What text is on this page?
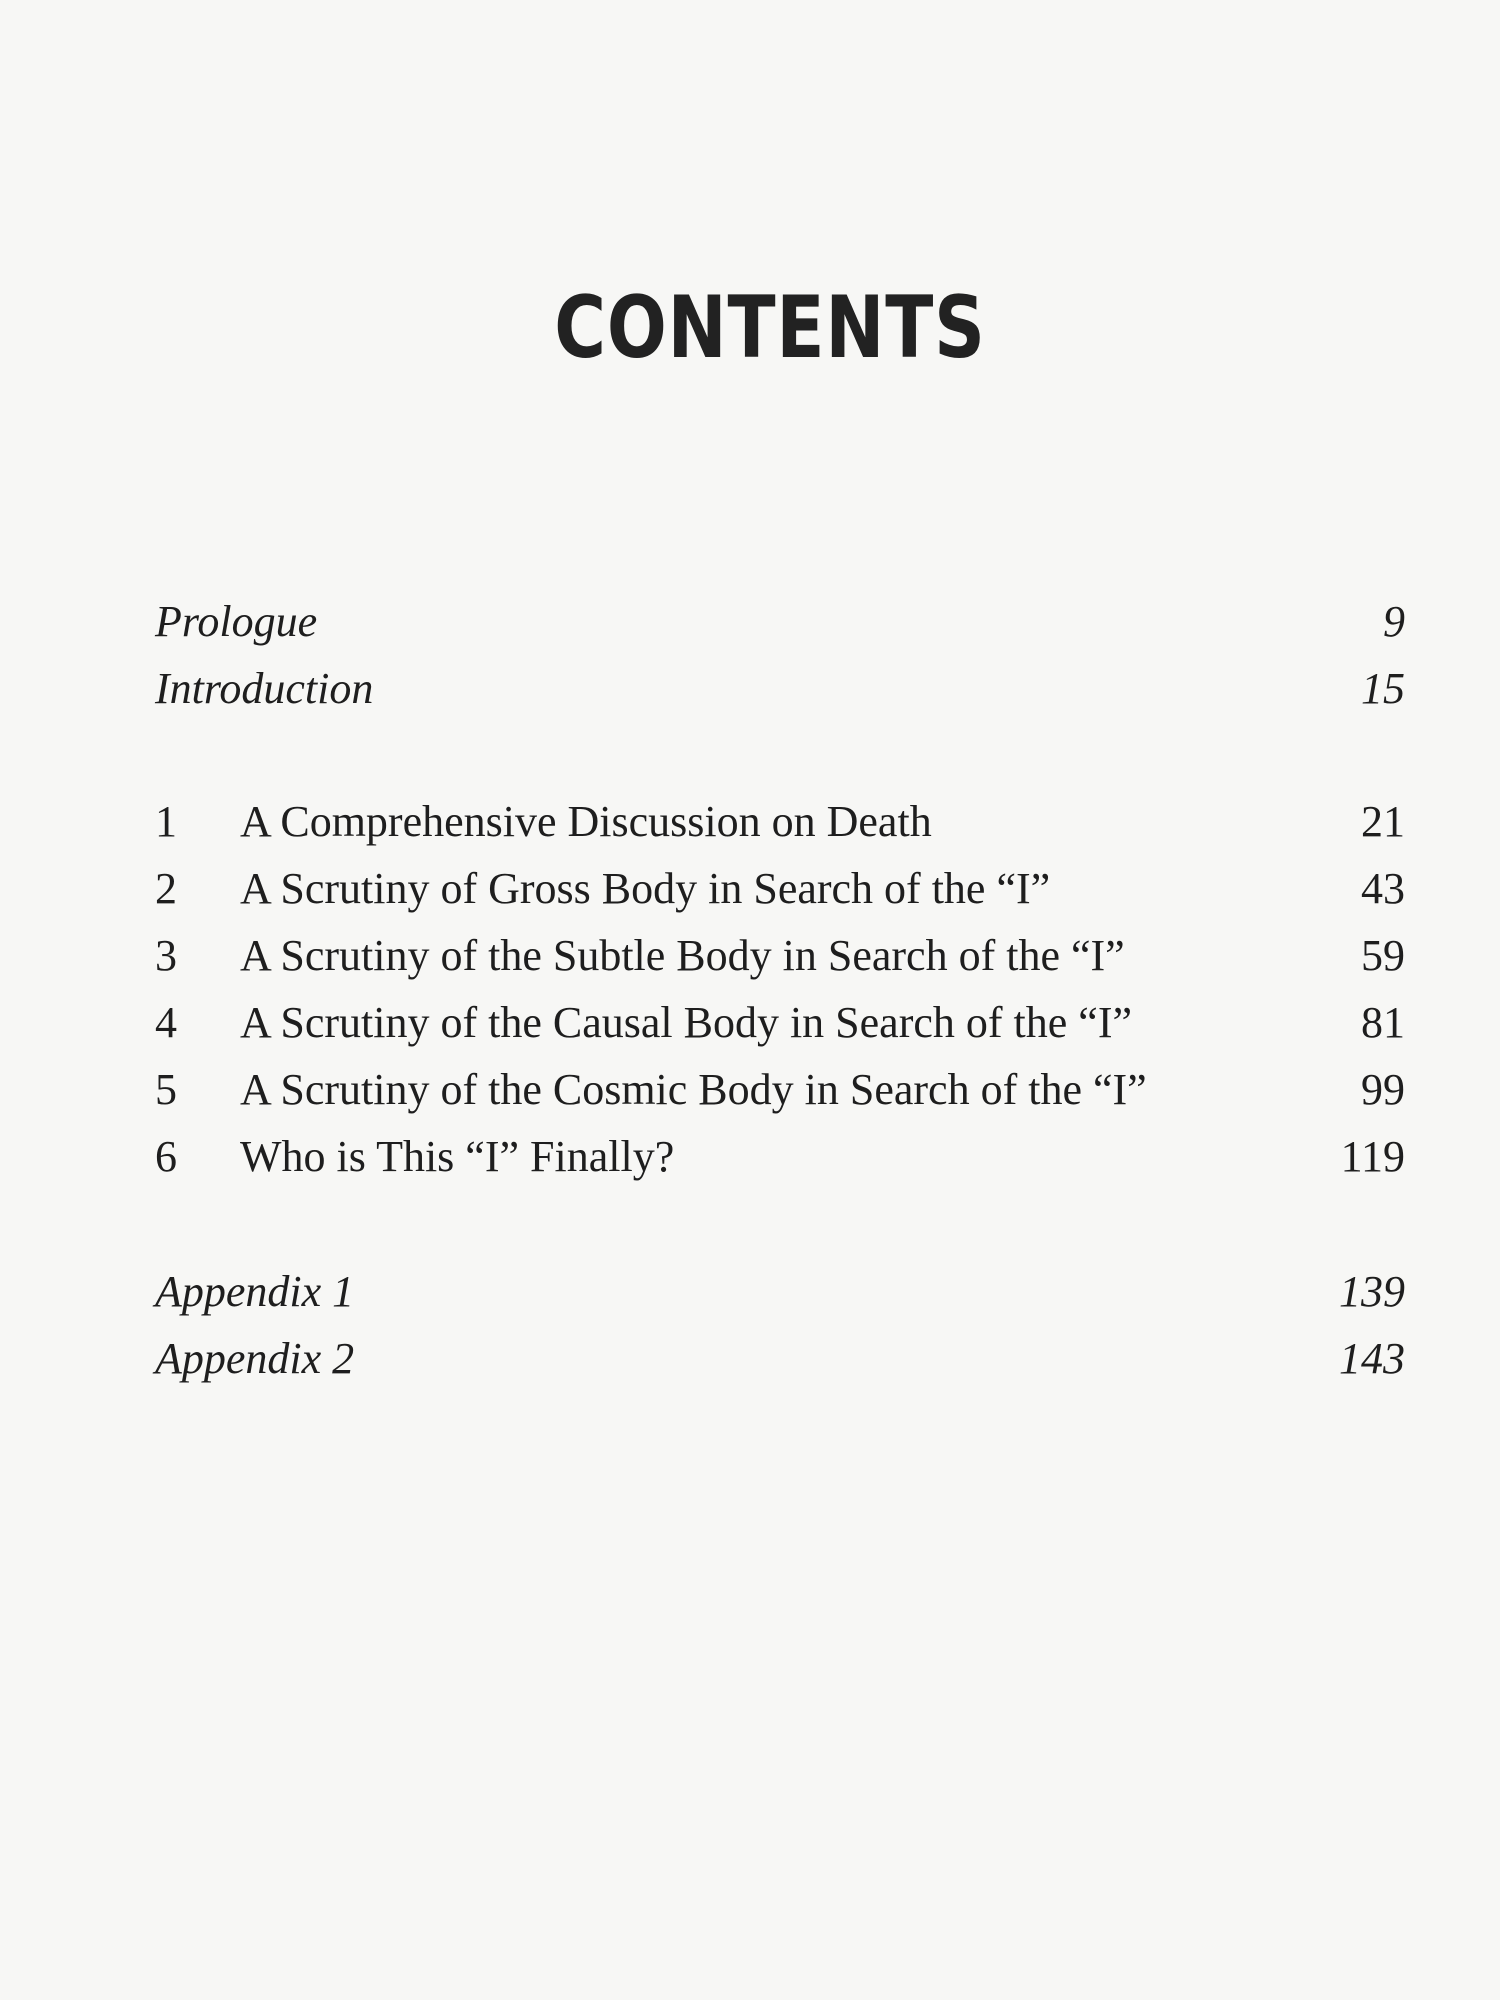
CONTENTS
Prologue	9
Introduction	15
1 A Comprehensive Discussion on Death	21
2 A Scrutiny of Gross Body in Search of the “I”	43
3 A Scrutiny of the Subtle Body in Search of the “I”	59
4 A Scrutiny of the Causal Body in Search of the “I”	81
5 A Scrutiny of the Cosmic Body in Search of the “I”	99
6 Who is This “I” Finally?	119
Appendix 1	139
Appendix 2	143
